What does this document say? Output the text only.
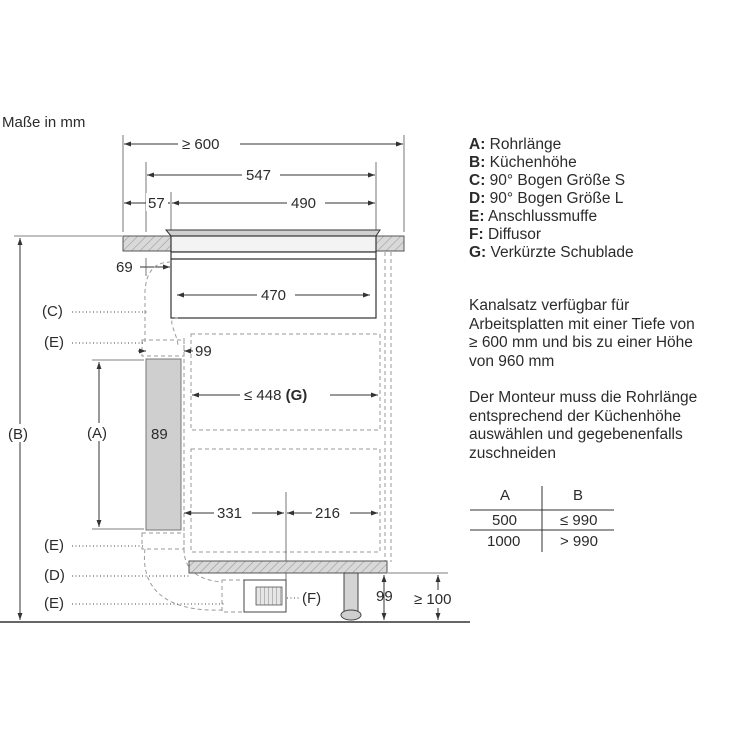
Maße in mm
≥ 600
547
57	490
69
470
99
89
(A)
≤ 448 (G)
331	216
99 ≥ 100
(F)
(B)
(C)
(E)
(E)
(D)
(E)
A	B
500	≤ 990
1000	> 990
A: Rohrlänge
B: Küchenhöhe
C: 90° Bogen Größe S
D: 90° Bogen Größe L
E: Anschlussmuffe
F: Diffusor
G: Verkürzte Schublade
Kanalsatz verfügbar für
Arbeitsplatten mit einer Tiefe von
≥ 600 mm und bis zu einer Höhe
von 960 mm
Der Monteur muss die Rohrlänge
entsprechend der Küchenhöhe
auswählen und gegebenenfalls
zuschneiden
